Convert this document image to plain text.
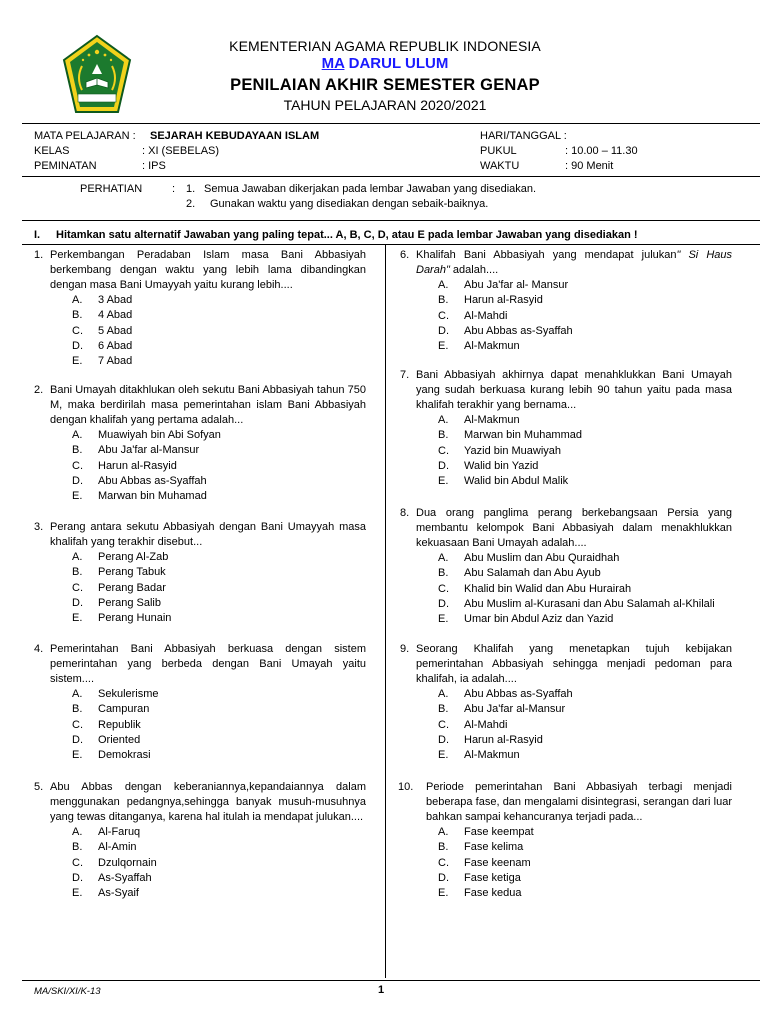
KEMENTERIAN AGAMA REPUBLIK INDONESIA
MA DARUL ULUM
PENILAIAN AKHIR SEMESTER GENAP
TAHUN PELAJARAN 2020/2021
MATA PELAJARAN : SEJARAH KEBUDAYAAN ISLAM
KELAS	: XI (SEBELAS)
PEMINATAN	: IPS
HARI/TANGGAL :
PUKUL	: 10.00 – 11.30
WAKTU	: 90 Menit
PERHATIAN	: 1. Semua Jawaban dikerjakan pada lembar Jawaban yang disediakan.
2. Gunakan waktu yang disediakan dengan sebaik-baiknya.
I. Hitamkan satu alternatif Jawaban yang paling tepat... A, B, C, D, atau E pada lembar Jawaban yang disediakan !
1. Perkembangan Peradaban Islam masa Bani Abbasiyah berkembang dengan waktu yang lebih lama dibandingkan dengan masa Bani Umayyah yaitu kurang lebih....
A. 3 Abad
B. 4 Abad
C. 5 Abad
D. 6 Abad
E. 7 Abad
2. Bani Umayah ditakhlukan oleh sekutu Bani Abbasiyah tahun 750 M, maka berdirilah masa pemerintahan islam Bani Abbasiyah dengan khalifah yang pertama adalah...
A. Muawiyah bin Abi Sofyan
B. Abu Ja'far al-Mansur
C. Harun al-Rasyid
D. Abu Abbas as-Syaffah
E. Marwan bin Muhamad
3. Perang antara sekutu Abbasiyah dengan Bani Umayyah masa khalifah yang terakhir disebut...
A. Perang Al-Zab
B. Perang Tabuk
C. Perang Badar
D. Perang Salib
E. Perang Hunain
4. Pemerintahan Bani Abbasiyah berkuasa dengan sistem pemerintahan yang berbeda dengan Bani Umayah yaitu sistem....
A. Sekulerisme
B. Campuran
C. Republik
D. Oriented
E. Demokrasi
5. Abu Abbas dengan keberaniannya,kepandaiannya dalam menggunakan pedangnya,sehingga banyak musuh-musuhnya yang tewas ditanganya, karena hal itulah ia mendapat julukan....
A. Al-Faruq
B. Al-Amin
C. Dzulqornain
D. As-Syaffah
E. As-Syaif
6. Khalifah Bani Abbasiyah yang mendapat julukan" Si Haus Darah" adalah....
A. Abu Ja'far al- Mansur
B. Harun al-Rasyid
C. Al-Mahdi
D. Abu Abbas as-Syaffah
E. Al-Makmun
7. Bani Abbasiyah akhirnya dapat menahklukkan Bani Umayah yang sudah berkuasa kurang lebih 90 tahun yaitu pada masa khalifah terakhir yang bernama...
A. Al-Makmun
B. Marwan bin Muhammad
C. Yazid bin Muawiyah
D. Walid bin Yazid
E. Walid bin Abdul Malik
8. Dua orang panglima perang berkebangsaan Persia yang membantu kelompok Bani Abbasiyah dalam menakhlukkan kekuasaan Bani Umayah adalah....
A. Abu Muslim dan Abu Quraidhah
B. Abu Salamah dan Abu Ayub
C. Khalid bin Walid dan Abu Hurairah
D. Abu Muslim al-Kurasani dan Abu Salamah al-Khilali
E. Umar bin Abdul Aziz dan Yazid
9. Seorang Khalifah yang menetapkan tujuh kebijakan pemerintahan Abbasiyah sehingga menjadi pedoman para khalifah, ia adalah....
A. Abu Abbas as-Syaffah
B. Abu Ja'far al-Mansur
C. Al-Mahdi
D. Harun al-Rasyid
E. Al-Makmun
10. Periode pemerintahan Bani Abbasiyah terbagi menjadi beberapa fase, dan mengalami disintegrasi, serangan dari luar bahkan sampai kehancuranya terjadi pada...
A. Fase keempat
B. Fase kelima
C. Fase keenam
D. Fase ketiga
E. Fase kedua
MA/SKI/XI/K-13	1
